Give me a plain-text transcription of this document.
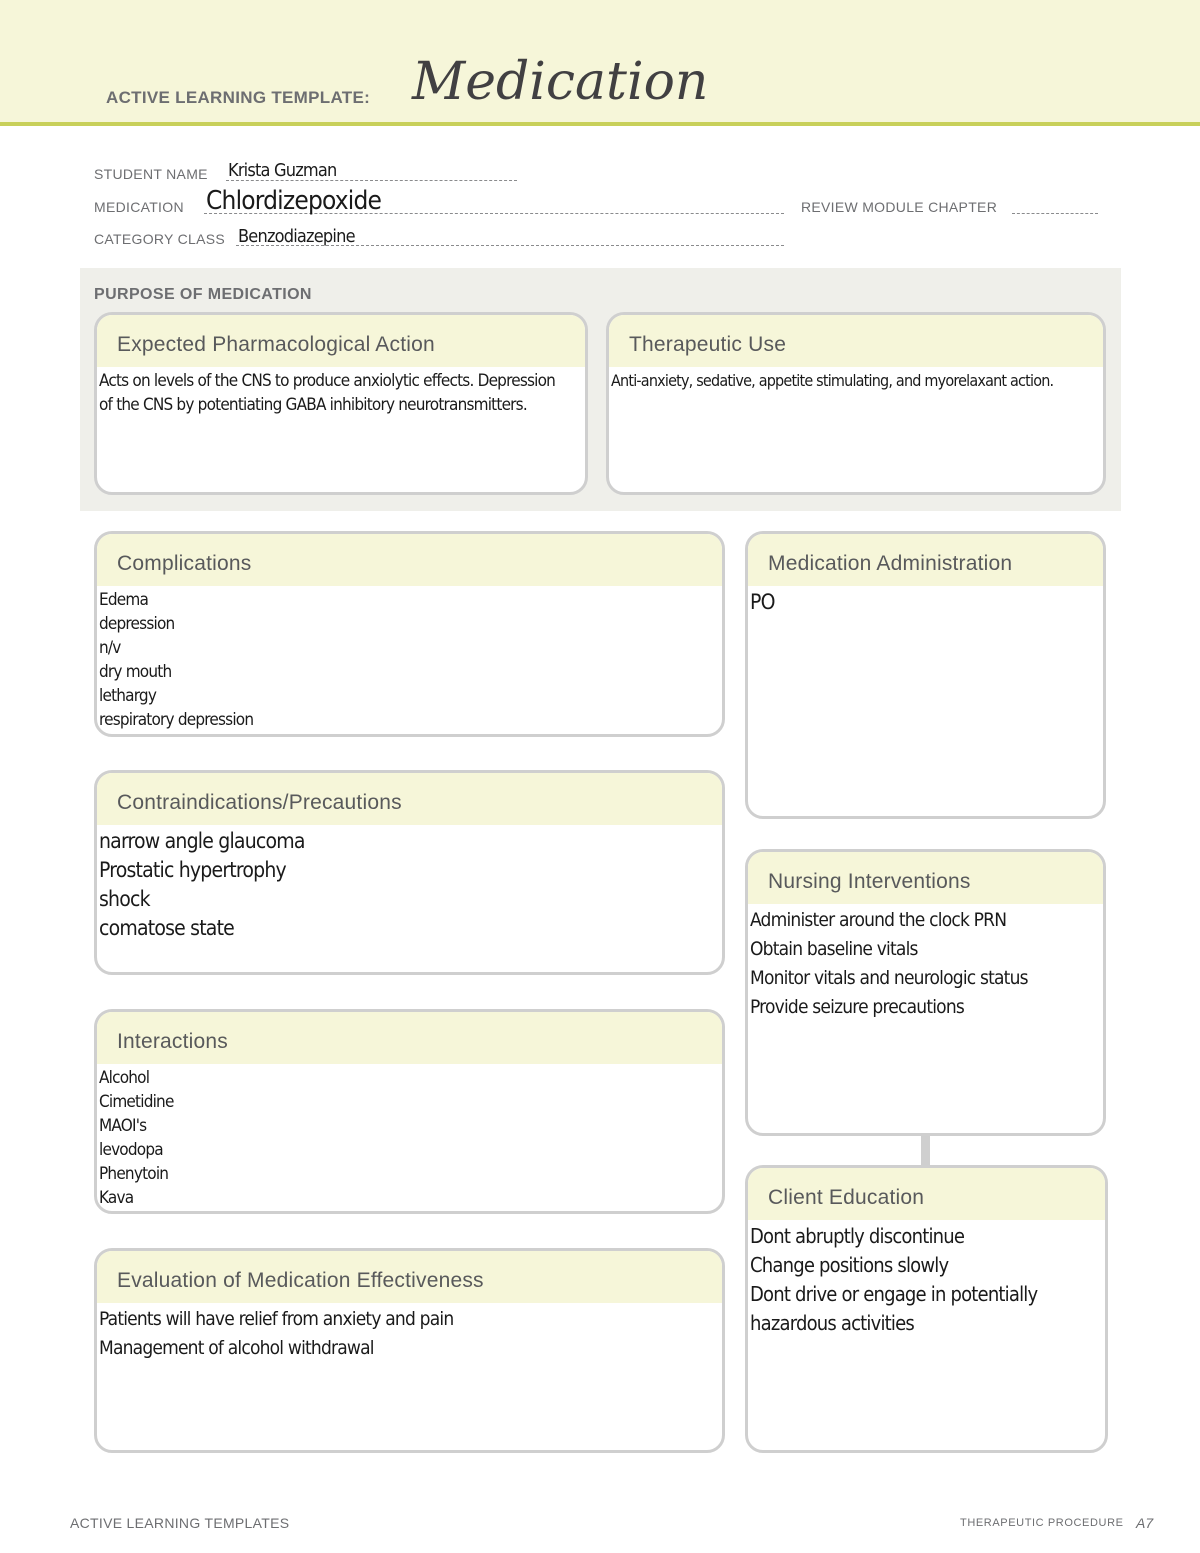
ACTIVE LEARNING TEMPLATE: Medication
STUDENT NAME Krista Guzman
MEDICATION Chlordizepoxide	REVIEW MODULE CHAPTER
CATEGORY CLASS Benzodiazepine
PURPOSE OF MEDICATION
Expected Pharmacological Action
Acts on levels of the CNS to produce anxiolytic effects. Depression
of the CNS by potentiating GABA inhibitory neurotransmitters.
Therapeutic Use
Anti-anxiety, sedative, appetite stimulating, and myorelaxant action.
Complications
Edema
depression
n/v
dry mouth
lethargy
respiratory depression
Contraindications/Precautions
narrow angle glaucoma
Prostatic hypertrophy
shock
comatose state
Interactions
Alcohol
Cimetidine
MAOI's
levodopa
Phenytoin
Kava
Evaluation of Medication Effectiveness
Patients will have relief from anxiety and pain
Management of alcohol withdrawal
Medication Administration
PO
Nursing Interventions
Administer around the clock PRN
Obtain baseline vitals
Monitor vitals and neurologic status
Provide seizure precautions
Client Education
Dont abruptly discontinue
Change positions slowly
Dont drive or engage in potentially
hazardous activities
ACTIVE LEARNING TEMPLATES	THERAPEUTIC PROCEDURE A7
